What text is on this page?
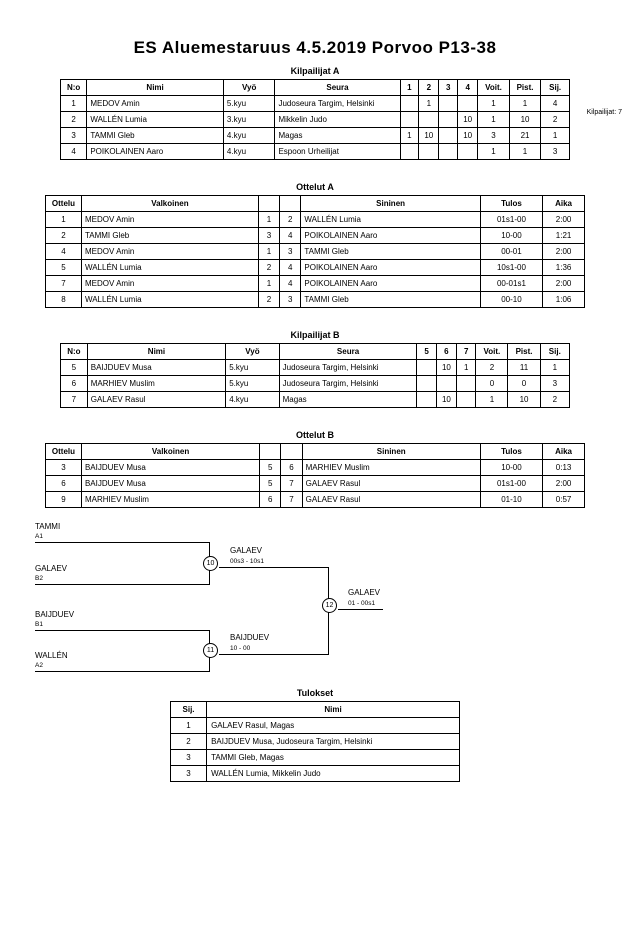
ES Aluemestaruus 4.5.2019 Porvoo P13-38
Kilpailijat A
Kilpailijat: 7
N:o	Nimi	Vyö	Seura	1	2	3	4	Voit.	Pist.	Sij.
1	MEDOV Amin	5.kyu	Judoseura Targim, Helsinki		1			1	1	4
2	WALLÉN Lumia	3.kyu	Mikkelin Judo				10	1	10	2
3	TAMMI Gleb	4.kyu	Magas	1	10		10	3	21	1
4	POIKOLAINEN Aaro	4.kyu	Espoon Urheilijat					1	1	3
Ottelut A
Ottelu	Valkoinen			Sininen	Tulos	Aika
1	MEDOV Amin	1	2	WALLÉN Lumia	01s1-00	2:00
2	TAMMI Gleb	3	4	POIKOLAINEN Aaro	10-00	1:21
4	MEDOV Amin	1	3	TAMMI Gleb	00-01	2:00
5	WALLÉN Lumia	2	4	POIKOLAINEN Aaro	10s1-00	1:36
7	MEDOV Amin	1	4	POIKOLAINEN Aaro	00-01s1	2:00
8	WALLÉN Lumia	2	3	TAMMI Gleb	00-10	1:06
Kilpailijat B
N:o	Nimi	Vyö	Seura	5	6	7	Voit.	Pist.	Sij.
5	BAIJDUEV Musa	5.kyu	Judoseura Targim, Helsinki		10	1	2	11	1
6	MARHIEV Muslim	5.kyu	Judoseura Targim, Helsinki				0	0	3
7	GALAEV Rasul	4.kyu	Magas		10		1	10	2
Ottelut B
Ottelu	Valkoinen			Sininen	Tulos	Aika
3	BAIJDUEV Musa	5	6	MARHIEV Muslim	10-00	0:13
6	BAIJDUEV Musa	5	7	GALAEV Rasul	01s1-00	2:00
9	MARHIEV Muslim	6	7	GALAEV Rasul	01-10	0:57
TAMMI
A1
GALAEV
B2
10
GALAEV
00s3 - 10s1
BAIJDUEV
B1
WALLÉN
A2
11
BAIJDUEV
10 - 00
12
GALAEV
01 - 00s1
Tulokset
Sij.	Nimi
1	GALAEV Rasul, Magas
2	BAIJDUEV Musa, Judoseura Targim, Helsinki
3	TAMMI Gleb, Magas
3	WALLÉN Lumia, Mikkelin Judo
